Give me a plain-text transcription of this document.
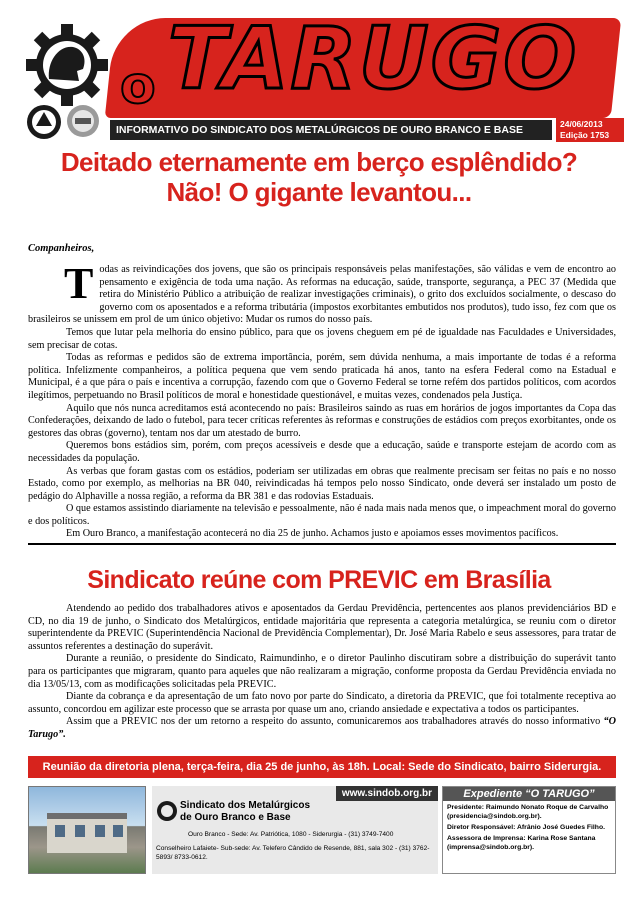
o TARUGO
INFORMATIVO DO SINDICATO DOS METALÚRGICOS DE OURO BRANCO E BASE	24/06/2013
Edição 1753
Deitado eternamente em berço esplêndido?
Não! O gigante levantou...
Companheiros,

Todas as reivindicações dos jovens, que são os principais responsáveis pelas manifestações, são válidas e vem de encontro ao pensamento e exigência de toda uma nação. As reformas na educação, saúde, transporte, segurança, a PEC 37 (Medida que retira do Ministério Público a atribuição de realizar investigações criminais), o grito dos excluídos socialmente, o descaso do governo com os aposentados e a reforma tributária (impostos exorbitantes embutidos nos produtos), tudo isso, fez com que os brasileiros se unissem em prol de um único objetivo: Mudar os rumos do nosso país.

Temos que lutar pela melhoria do ensino público, para que os jovens cheguem em pé de igualdade nas Faculdades e Universidades, sem precisar de cotas.

Todas as reformas e pedidos são de extrema importância, porém, sem dúvida nenhuma, a mais importante de todas é a reforma política. Infelizmente companheiros, a política pequena que vem sendo praticada há anos, tanto na esfera Federal como na Estadual e Municipal, é a que pára o país e incentiva a corrupção, fazendo com que o Governo Federal se torne refém dos partidos políticos, com acordos ilegítimos, perpetuando no Brasil políticos de moral e honestidade questionável, e muitas vezes, condenados pela Justiça.

Aquilo que nós nunca acreditamos está acontecendo no país: Brasileiros saindo as ruas em horários de jogos importantes da Copa das Confederações, deixando de lado o futebol, para tecer críticas referentes às reformas e construções de estádios com preços exorbitantes, onde os gestores das obras (governo), tentam nos dar um atestado de burro.

Queremos bons estádios sim, porém, com preços acessíveis e desde que a educação, saúde e transporte estejam de acordo com as necessidades da população.

As verbas que foram gastas com os estádios, poderiam ser utilizadas em obras que realmente precisam ser feitas no país e no nosso Estado, como por exemplo, as melhorias na BR 040, reivindicadas há tempos pelo nosso Sindicato, onde deverá ser instalado um posto de pedágio do Alphaville a nossa região, a reforma da BR 381 e das rodovias Estaduais.

O que estamos assistindo diariamente na televisão e pessoalmente, não é nada mais nada menos que, o impeachment moral do governo e dos políticos.

Em Ouro Branco, a manifestação acontecerá no dia 25 de junho. Achamos justo e apoiamos esses movimentos pacíficos.

Sindicato reúne com PREVIC em Brasília

Atendendo ao pedido dos trabalhadores ativos e aposentados da Gerdau Previdência, pertencentes aos planos previdenciários BD e CD, no dia 19 de junho, o Sindicato dos Metalúrgicos, entidade majoritária que representa a categoria metalúrgica, se reuniu com o diretor superintendente da PREVIC (Superintendência Nacional de Previdência Complementar), Dr. José Maria Rabelo e seus assessores, para tratar de assuntos referentes a destinação do superávit.

Durante a reunião, o presidente do Sindicato, Raimundinho, e o diretor Paulinho discutiram sobre a distribuição do superávit tanto para os participantes que migraram, quanto para aqueles que não realizaram a migração, conforme proposta da Gerdau Previdência enviada no dia 13/05/13, com as modificações solicitadas pela PREVIC.

Diante da cobrança e da apresentação de um fato novo por parte do Sindicato, a diretoria da PREVIC, que foi totalmente receptiva ao assunto, concordou em agilizar este processo que se arrasta por quase um ano, criando ansiedade e expectativa a todos os participantes.

Assim que a PREVIC nos der um retorno a respeito do assunto, comunicaremos aos trabalhadores através do nosso informativo “O Tarugo”.

Reunião da diretoria plena, terça-feira, dia 25 de junho, às 18h. Local: Sede do Sindicato, bairro Siderurgia.
www.sindob.org.br
Sindicato dos Metalúrgicos
de Ouro Branco e Base
Ouro Branco - Sede: Av. Patriótica, 1080 - Siderurgia - (31) 3749-7400
Conselheiro Lafaiete- Sub-sede: Av. Telefero Cândido de Resende, 881, sala 302 - (31) 3762-5893/ 8733-0612.
Expediente “O TARUGO”
Presidente: Raimundo Nonato Roque de Carvalho (presidencia@sindob.org.br).
Diretor Responsável: Afrânio José Guedes Filho.
Assessora de Imprensa: Karina Rose Santana (imprensa@sindob.org.br).
